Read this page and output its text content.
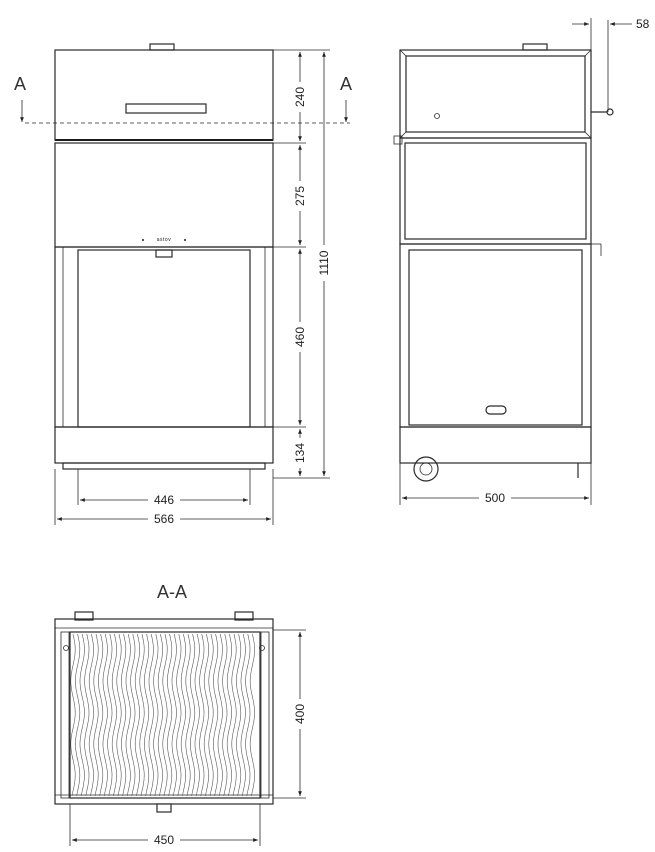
astov
A	A
240
275
460
134
1110
446
566
500
58
A-A
400
450
